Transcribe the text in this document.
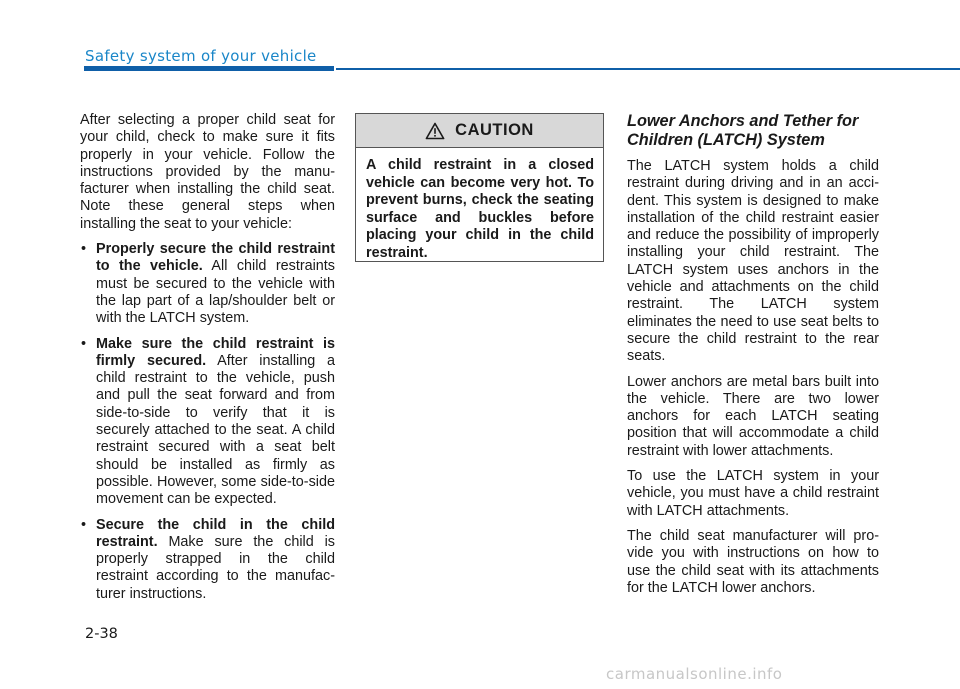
Safety system of your vehicle

After selecting a proper child seat for your child, check to make sure it fits properly in your vehicle. Follow the instructions provided by the manufacturer when installing the child seat. Note these general steps when installing the seat to your vehicle:

• Properly secure the child restraint to the vehicle. All child restraints must be secured to the vehicle with the lap part of a lap/shoulder belt or with the LATCH system.
• Make sure the child restraint is firmly secured. After installing a child restraint to the vehicle, push and pull the seat forward and from side-to-side to verify that it is securely attached to the seat. A child restraint secured with a seat belt should be installed as firmly as possible. However, some side-to-side movement can be expected.
• Secure the child in the child restraint. Make sure the child is properly strapped in the child restraint according to the manufacturer instructions.
CAUTION
A child restraint in a closed vehicle can become very hot. To prevent burns, check the seating surface and buckles before placing your child in the child restraint.
Lower Anchors and Tether for Children (LATCH) System

The LATCH system holds a child restraint during driving and in an accident. This system is designed to make installation of the child restraint easier and reduce the possibility of improperly installing your child restraint. The LATCH system uses anchors in the vehicle and attachments on the child restraint. The LATCH system eliminates the need to use seat belts to secure the child restraint to the rear seats.

Lower anchors are metal bars built into the vehicle. There are two lower anchors for each LATCH seating position that will accommodate a child restraint with lower attachments.

To use the LATCH system in your vehicle, you must have a child restraint with LATCH attachments.

The child seat manufacturer will provide you with instructions on how to use the child seat with its attachments for the LATCH lower anchors.

2-38
carmanualsonline.info
